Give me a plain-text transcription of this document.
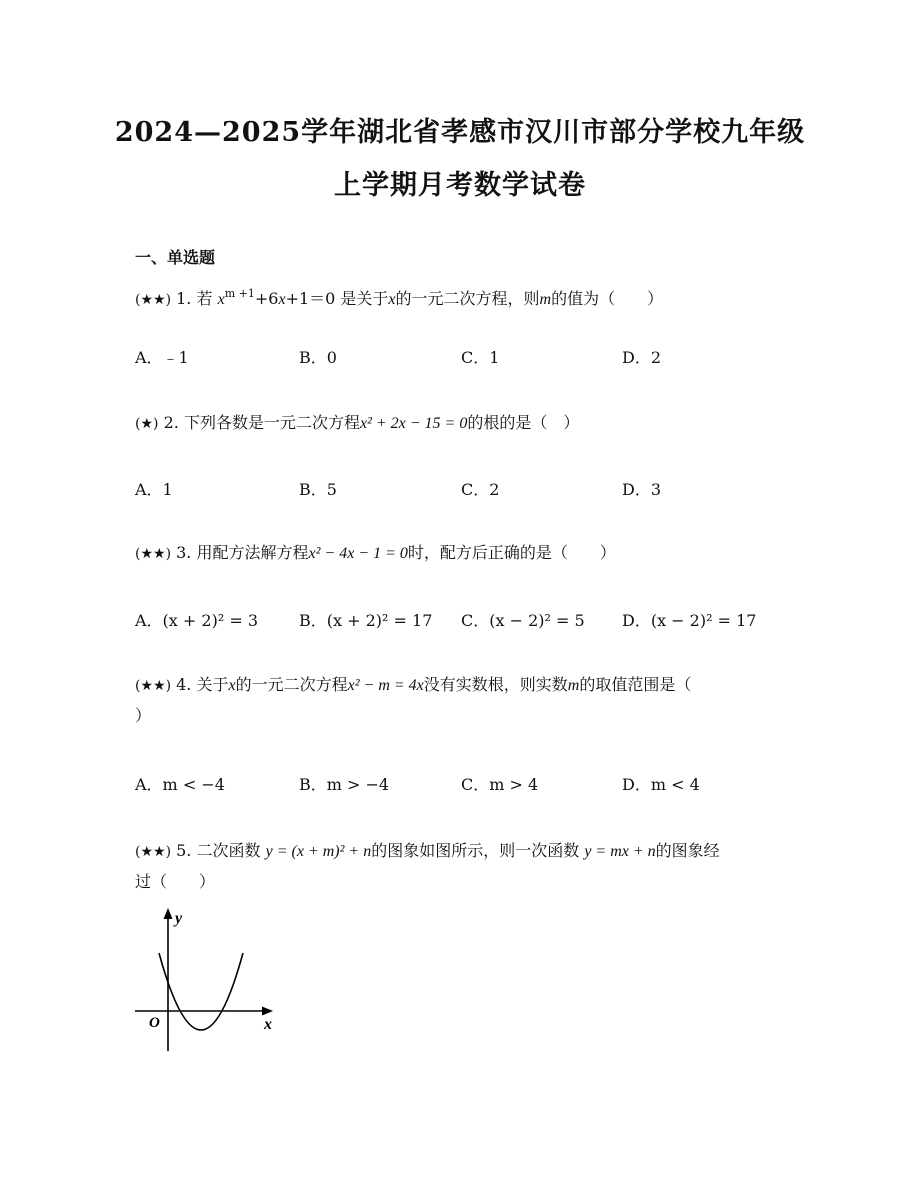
2024—2025学年湖北省孝感市汉川市部分学校九年级
上学期月考数学试卷
一、单选题
(★★) 1. 若 $x^{m +1}+6x+1=0$ 是关于x的一元二次方程，则m的值为（　　）
A．﹣1	B．0	C．1	D．2
(★) 2. 下列各数是一元二次方程x² + 2x − 15 = 0的根的是（　）
A．1	B．5	C．2	D．3
(★★) 3. 用配方法解方程x² − 4x − 1 = 0时，配方后正确的是（　　）
A．(x + 2)² = 3	B．(x + 2)² = 17 C．(x − 2)² = 5 D．(x − 2)² = 17
(★★) 4. 关于x的一元二次方程x² − m = 4x没有实数根，则实数m的取值范围是（
）
A．m < −4	B．m > −4	C．m > 4	D．m < 4
(★★) 5. 二次函数 y = (x + m)² + n的图象如图所示，则一次函数 y = mx + n的图象经
过（　　）
y
x
O
